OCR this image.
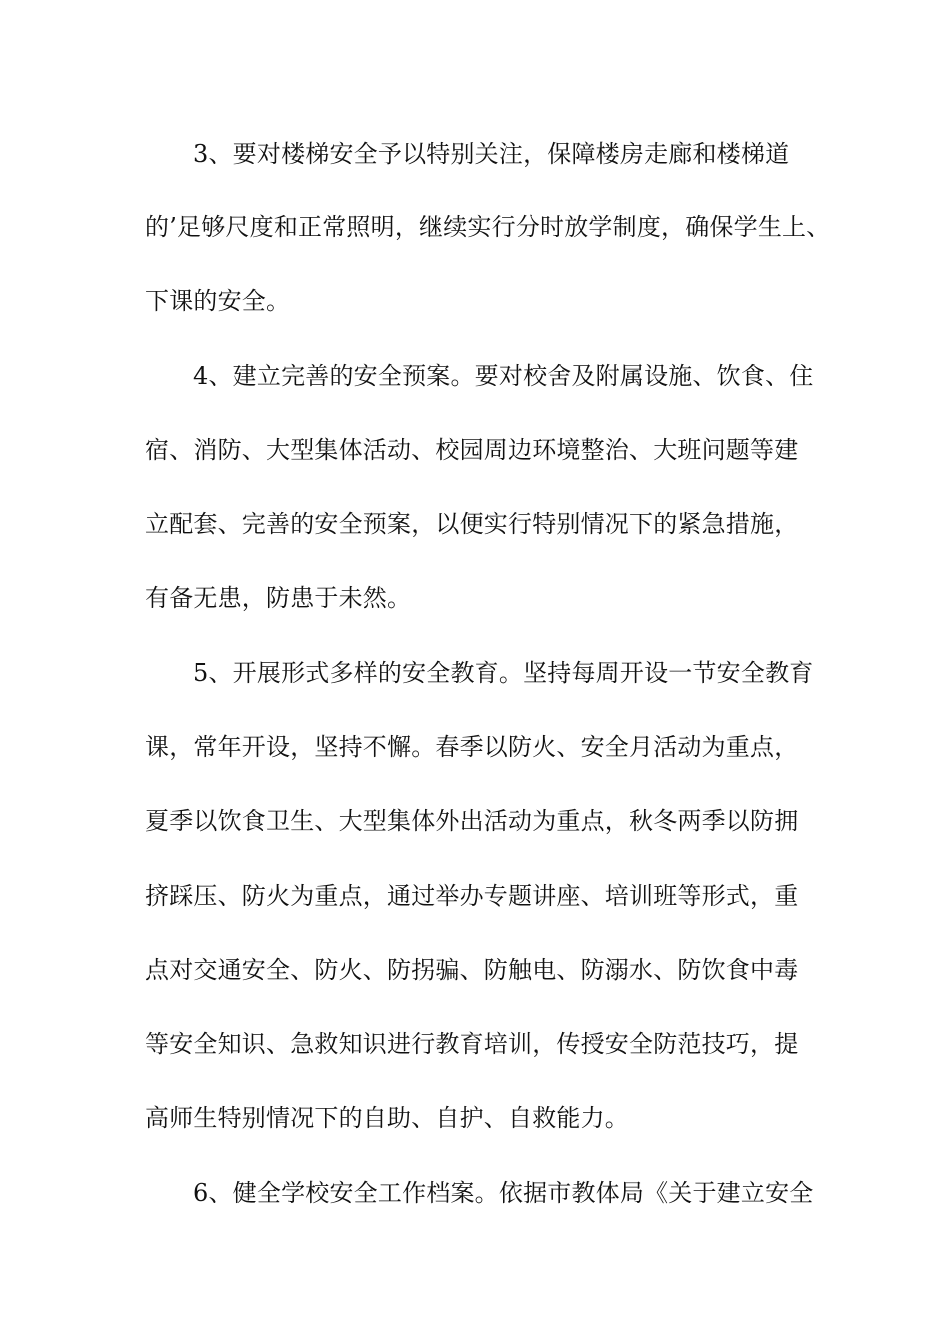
3、要对楼梯安全予以特别关注，保障楼房走廊和楼梯道
的’足够尺度和正常照明，继续实行分时放学制度，确保学生上、
下课的安全。
4、建立完善的安全预案。要对校舍及附属设施、饮食、住
宿、消防、大型集体活动、校园周边环境整治、大班问题等建
立配套、完善的安全预案，以便实行特别情况下的紧急措施，
有备无患，防患于未然。
5、开展形式多样的安全教育。坚持每周开设一节安全教育
课，常年开设，坚持不懈。春季以防火、安全月活动为重点，
夏季以饮食卫生、大型集体外出活动为重点，秋冬两季以防拥
挤踩压、防火为重点，通过举办专题讲座、培训班等形式，重
点对交通安全、防火、防拐骗、防触电、防溺水、防饮食中毒
等安全知识、急救知识进行教育培训，传授安全防范技巧，提
高师生特别情况下的自助、自护、自救能力。
6、健全学校安全工作档案。依据市教体局《关于建立安全
